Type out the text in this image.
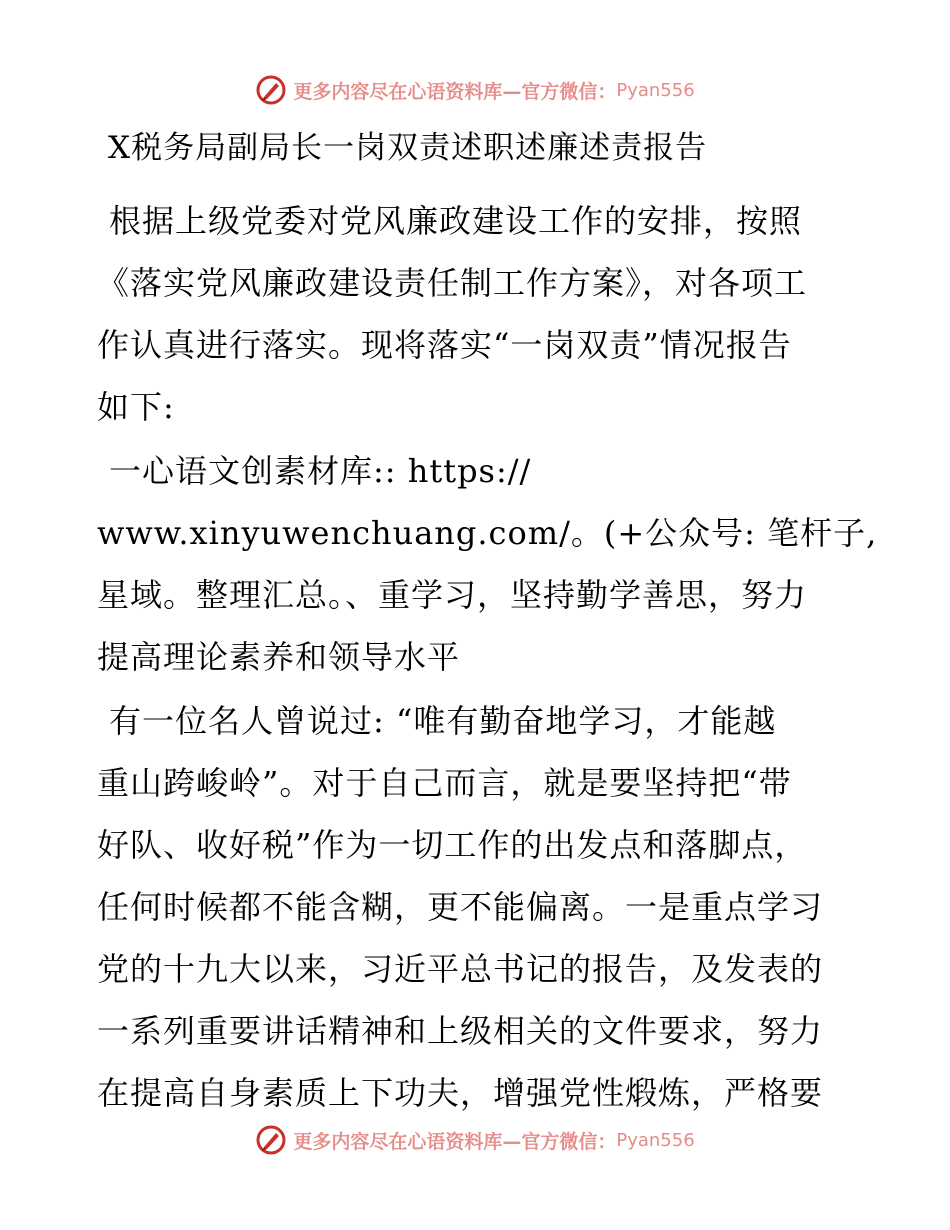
更多内容尽在心语资料库—官方微信： Pyan556
X税务局副局长一岗双责述职述廉述责报告
根据上级党委对党风廉政建设工作的安排，按照
《落实党风廉政建设责任制工作方案》，对各项工
作认真进行落实。现将落实“一岗双责”情况报告
如下:
一心语文创素材库:: https://
www.xinyuwenchuang.com/。(+公众号: 笔杆子,
星域。整理汇总。、重学习，坚持勤学善思，努力
提高理论素养和领导水平
有一位名人曾说过: “唯有勤奋地学习，才能越
重山跨峻岭”。对于自己而言，就是要坚持把“带
好队、收好税”作为一切工作的出发点和落脚点，
任何时候都不能含糊，更不能偏离。一是重点学习
党的十九大以来，习近平总书记的报告，及发表的
一系列重要讲话精神和上级相关的文件要求，努力
在提高自身素质上下功夫，增强党性煅炼，严格要
更多内容尽在心语资料库—官方微信： Pyan556
